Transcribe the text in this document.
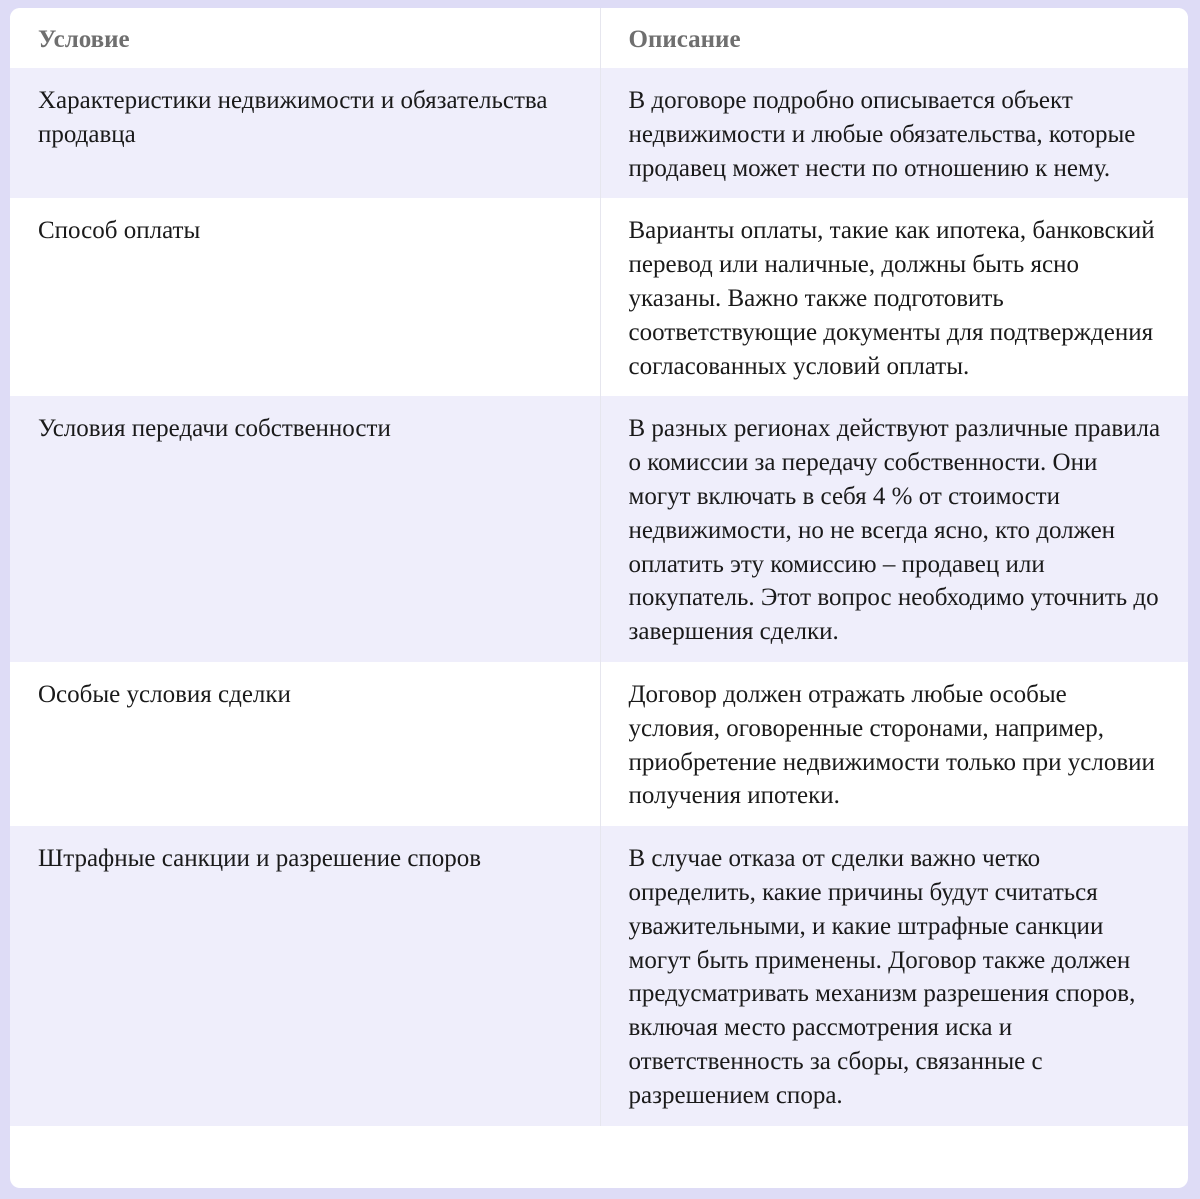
Условие	Описание
Характеристики недвижимости и обязательства продавца	В договоре подробно описывается объект недвижимости и любые обязательства, которые продавец может нести по отношению к нему.
Способ оплаты	Варианты оплаты, такие как ипотека, банковский перевод или наличные, должны быть ясно указаны. Важно также подготовить соответствующие документы для подтверждения согласованных условий оплаты.
Условия передачи собственности	В разных регионах действуют различные правила о комиссии за передачу собственности. Они могут включать в себя 4 % от стоимости недвижимости, но не всегда ясно, кто должен оплатить эту комиссию – продавец или покупатель. Этот вопрос необходимо уточнить до завершения сделки.
Особые условия сделки	Договор должен отражать любые особые условия, оговоренные сторонами, например, приобретение недвижимости только при условии получения ипотеки.
Штрафные санкции и разрешение споров	В случае отказа от сделки важно четко определить, какие причины будут считаться уважительными, и какие штрафные санкции могут быть применены. Договор также должен предусматривать механизм разрешения споров, включая место рассмотрения иска и ответственность за сборы, связанные с разрешением спора.
